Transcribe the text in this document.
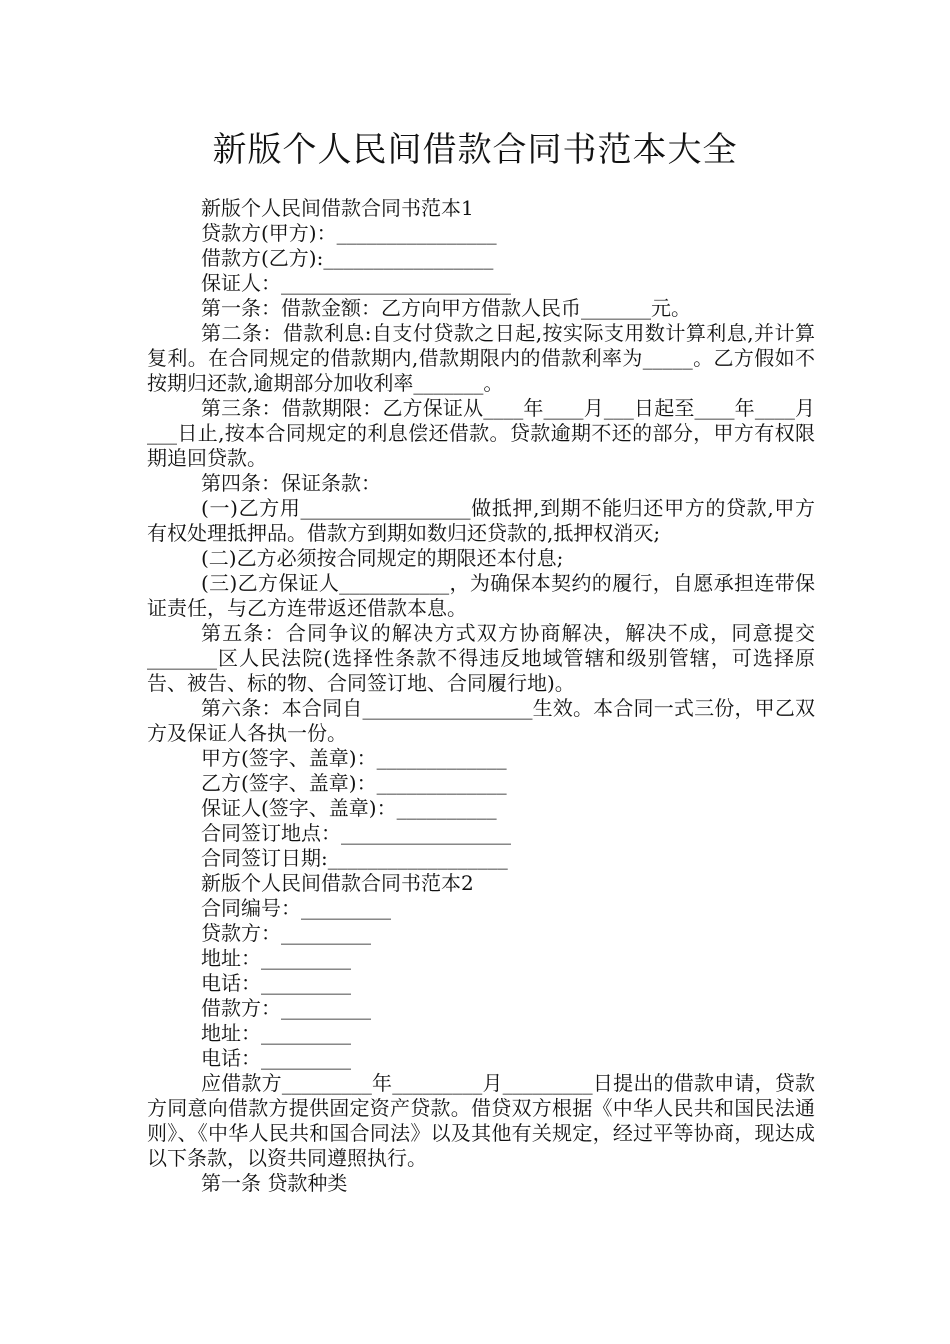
新版个人民间借款合同书范本大全

新版个人民间借款合同书范本1

贷款方(甲方)：________________

借款方(乙方):_________________

保证人：_______________________

第一条：借款金额：乙方向甲方借款人民币_______元。

第二条：借款利息:自支付贷款之日起,按实际支用数计算利息,并计算复利。在合同规定的借款期内,借款期限内的借款利率为_____。乙方假如不按期归还款,逾期部分加收利率_______。

第三条：借款期限：乙方保证从____年____月___日起至____年____月___日止,按本合同规定的利息偿还借款。贷款逾期不还的部分，甲方有权限期追回贷款。

第四条：保证条款：

(一)乙方用_________________做抵押,到期不能归还甲方的贷款,甲方有权处理抵押品。借款方到期如数归还贷款的,抵押权消灭;

(二)乙方必须按合同规定的期限还本付息;

(三)乙方保证人___________，为确保本契约的履行，自愿承担连带保证责任，与乙方连带返还借款本息。

第五条：合同争议的解决方式双方协商解决，解决不成，同意提交_______区人民法院(选择性条款不得违反地域管辖和级别管辖，可选择原告、被告、标的物、合同签订地、合同履行地)。

第六条：本合同自_________________生效。本合同一式三份，甲乙双方及保证人各执一份。

甲方(签字、盖章)：_____________

乙方(签字、盖章)：_____________

保证人(签字、盖章)：__________

合同签订地点：_________________

合同签订日期:__________________

新版个人民间借款合同书范本2

合同编号：_________

贷款方：_________

地址：_________

电话：_________

借款方：_________

地址：_________

电话：_________

应借款方_________年_________月_________日提出的借款申请，贷款方同意向借款方提供固定资产贷款。借贷双方根据《中华人民共和国民法通则》、《中华人民共和国合同法》以及其他有关规定，经过平等协商，现达成以下条款，以资共同遵照执行。

第一条 贷款种类
